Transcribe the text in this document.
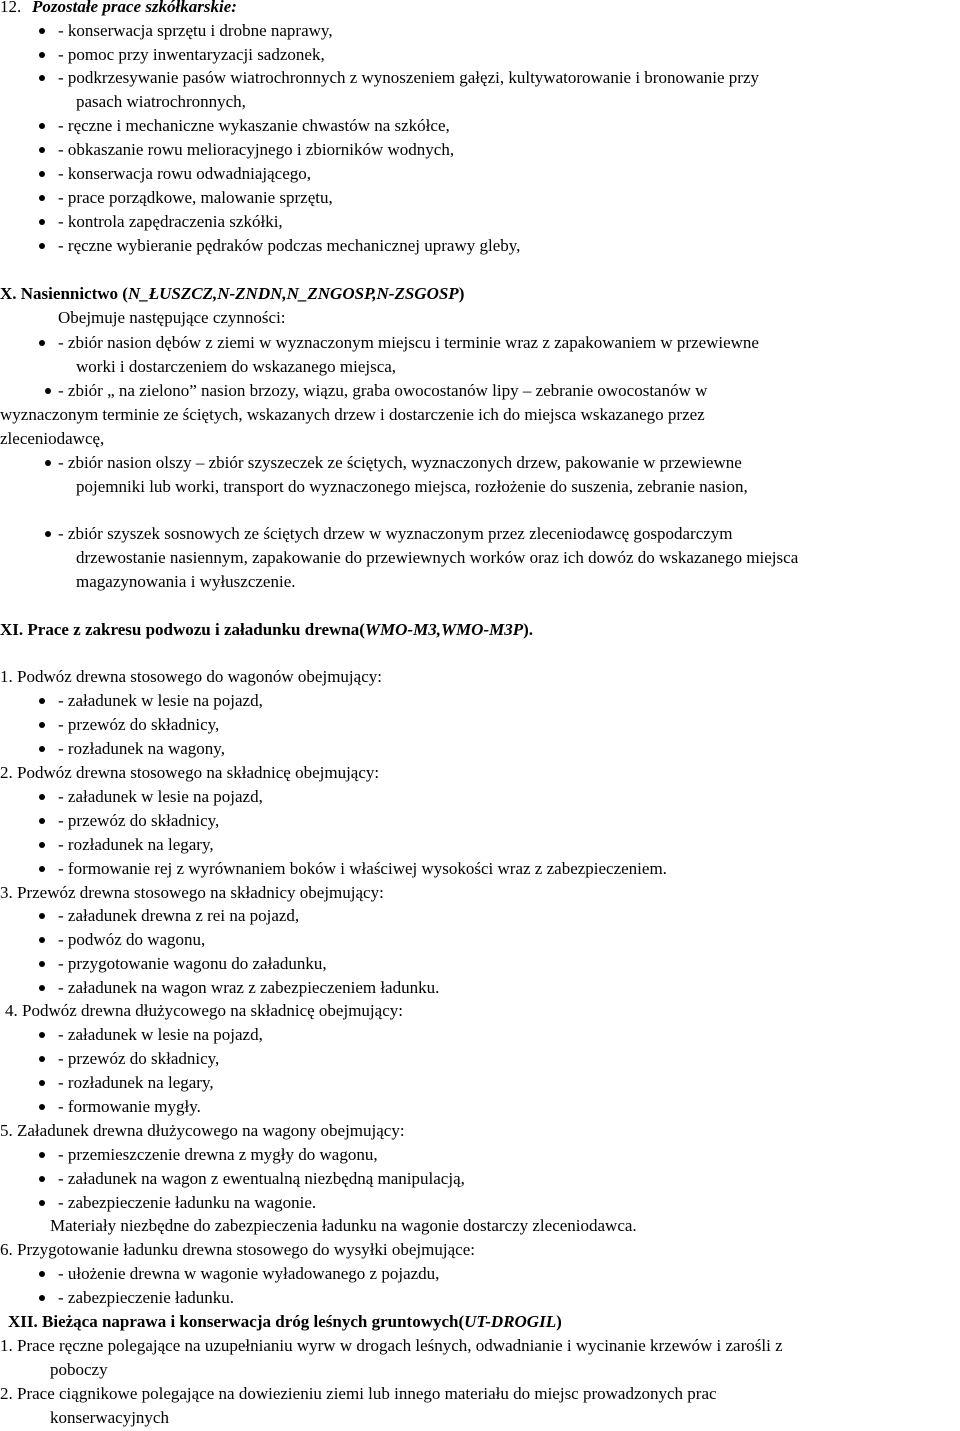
12. Pozostałe prace szkółkarskie:
- konserwacja sprzętu i drobne naprawy,
- pomoc przy inwentaryzacji sadzonek,
- podkrzesywanie pasów wiatrochronnych z wynoszeniem gałęzi, kultywatorowanie i bronowanie przy
pasach wiatrochronnych,
- ręczne i mechaniczne wykaszanie chwastów na szkółce,
- obkaszanie rowu melioracyjnego i zbiorników wodnych,
- konserwacja rowu odwadniającego,
- prace porządkowe, malowanie sprzętu,
- kontrola zapędraczenia szkółki,
- ręczne wybieranie pędraków podczas mechanicznej uprawy gleby,
X. Nasiennictwo (N_ŁUSZCZ,N-ZNDN,N_ZNGOSP,N-ZSGOSP)
Obejmuje następujące czynności:
- zbiór nasion dębów z ziemi w wyznaczonym miejscu i terminie wraz z zapakowaniem w przewiewne
worki i dostarczeniem do wskazanego miejsca,
- zbiór „ na zielono” nasion brzozy, wiązu, graba owocostanów lipy – zebranie owocostanów w
wyznaczonym terminie ze ściętych, wskazanych drzew i dostarczenie ich do miejsca wskazanego przez
zleceniodawcę,
- zbiór nasion olszy – zbiór szyszeczek ze ściętych, wyznaczonych drzew, pakowanie w przewiewne
pojemniki lub worki, transport do wyznaczonego miejsca, rozłożenie do suszenia, zebranie nasion,
- zbiór szyszek sosnowych ze ściętych drzew w wyznaczonym przez zleceniodawcę gospodarczym
drzewostanie nasiennym, zapakowanie do przewiewnych worków oraz ich dowóz do wskazanego miejsca
magazynowania i wyłuszczenie.
XI. Prace z zakresu podwozu i załadunku drewna(WMO-M3,WMO-M3P).
1. Podwóz drewna stosowego do wagonów obejmujący:
- załadunek w lesie na pojazd,
- przewóz do składnicy,
- rozładunek na wagony,
2. Podwóz drewna stosowego na składnicę obejmujący:
- załadunek w lesie na pojazd,
- przewóz do składnicy,
- rozładunek na legary,
- formowanie rej z wyrównaniem boków i właściwej wysokości wraz z zabezpieczeniem.
3. Przewóz drewna stosowego na składnicy obejmujący:
- załadunek drewna z rei na pojazd,
- podwóz do wagonu,
- przygotowanie wagonu do załadunku,
- załadunek na wagon wraz z zabezpieczeniem ładunku.
4. Podwóz drewna dłużycowego na składnicę obejmujący:
- załadunek w lesie na pojazd,
- przewóz do składnicy,
- rozładunek na legary,
- formowanie mygły.
5. Załadunek drewna dłużycowego na wagony obejmujący:
- przemieszczenie drewna z mygły do wagonu,
- załadunek na wagon z ewentualną niezbędną manipulacją,
- zabezpieczenie ładunku na wagonie.
Materiały niezbędne do zabezpieczenia ładunku na wagonie dostarczy zleceniodawca.
6. Przygotowanie ładunku drewna stosowego do wysyłki obejmujące:
- ułożenie drewna w wagonie wyładowanego z pojazdu,
- zabezpieczenie ładunku.
XII. Bieżąca naprawa i konserwacja dróg leśnych gruntowych(UT-DROGIL)
1. Prace ręczne polegające na uzupełnianiu wyrw w drogach leśnych, odwadnianie i wycinanie krzewów i zarośli z
poboczy
2. Prace ciągnikowe polegające na dowiezieniu ziemi lub innego materiału do miejsc prowadzonych prac
konserwacyjnych
